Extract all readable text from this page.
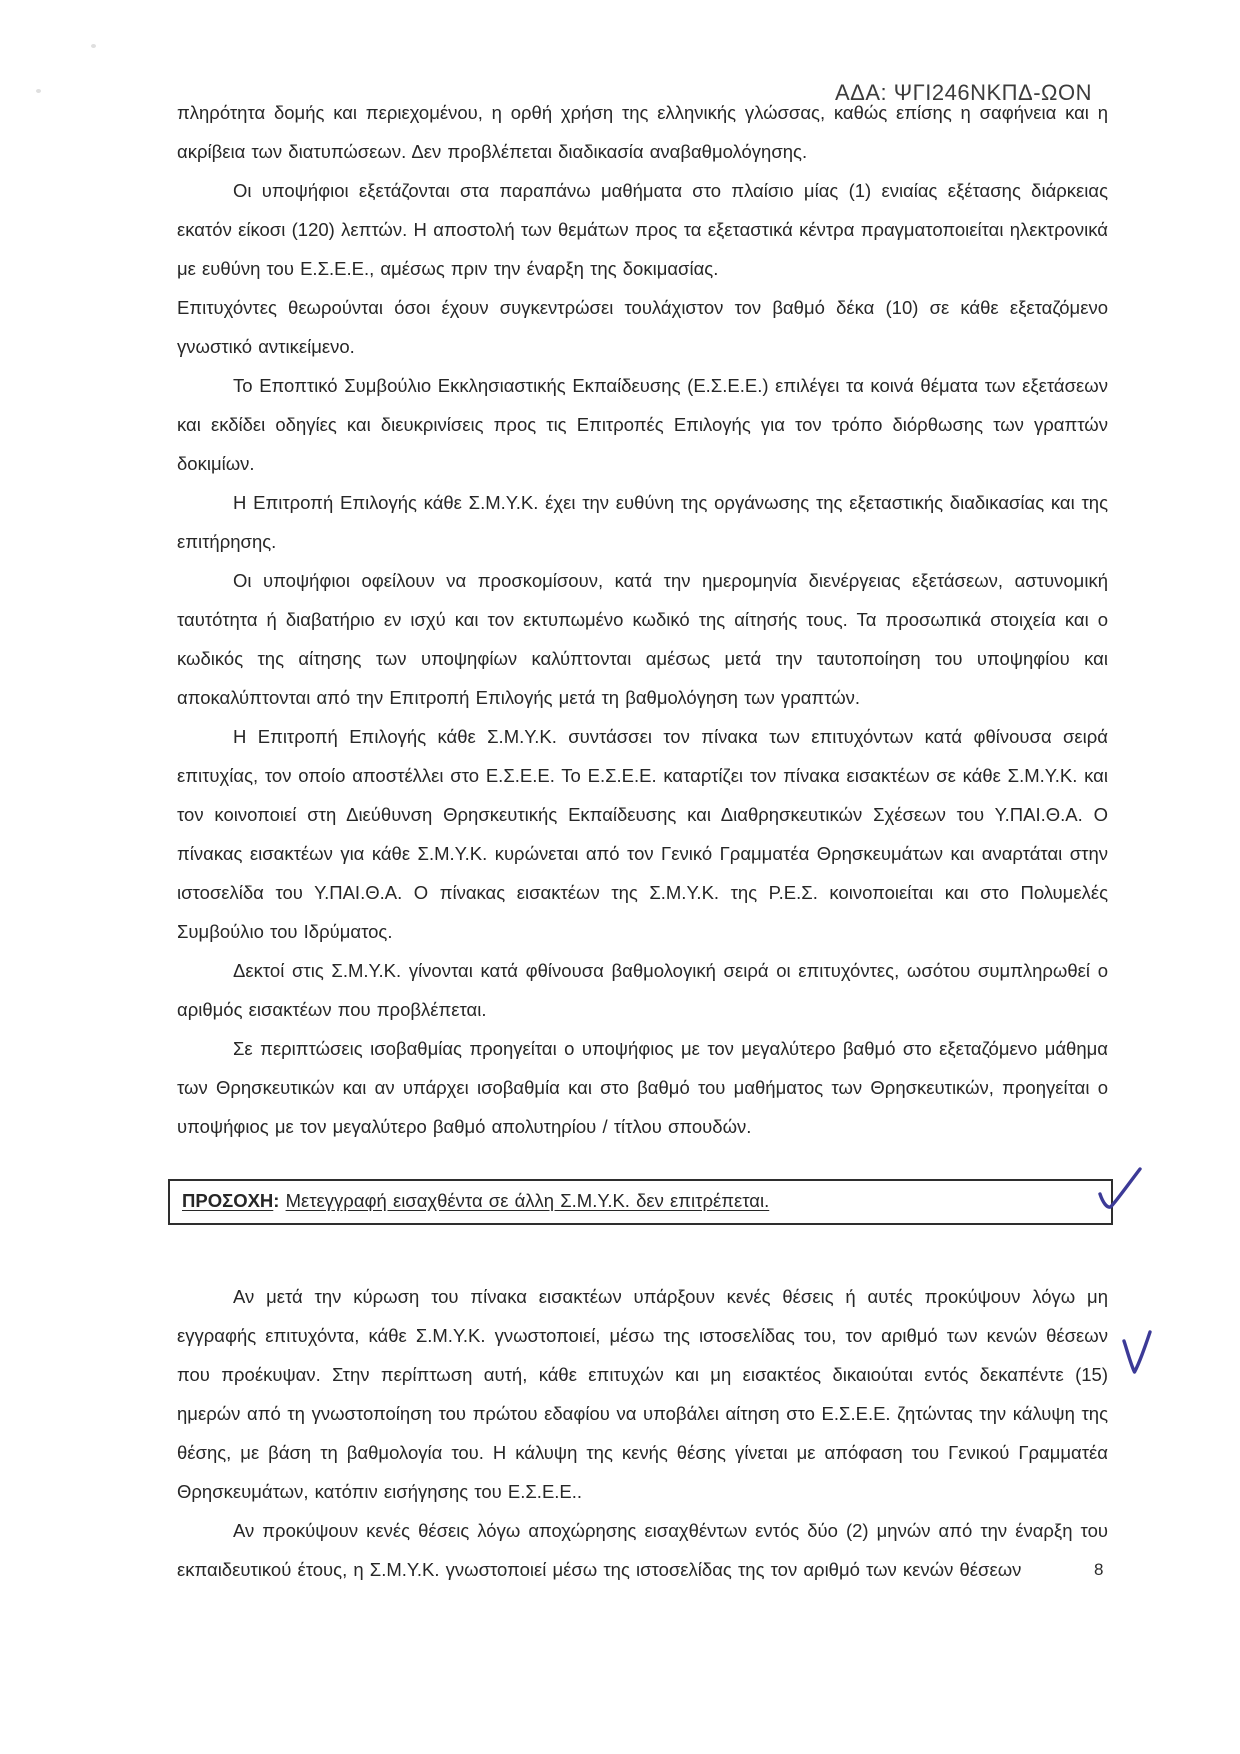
ΑΔΑ: ΨΓΙ246ΝΚΠΔ-ΩΟΝ

πληρότητα δομής και περιεχομένου, η ορθή χρήση της ελληνικής γλώσσας, καθώς επίσης η σαφήνεια και η ακρίβεια των διατυπώσεων. Δεν προβλέπεται διαδικασία αναβαθμολόγησης.

Οι υποψήφιοι εξετάζονται στα παραπάνω μαθήματα στο πλαίσιο μίας (1) ενιαίας εξέτασης διάρκειας εκατόν είκοσι (120) λεπτών. Η αποστολή των θεμάτων προς τα εξεταστικά κέντρα πραγματοποιείται ηλεκτρονικά με ευθύνη του Ε.Σ.Ε.Ε., αμέσως πριν την έναρξη της δοκιμασίας.

Επιτυχόντες θεωρούνται όσοι έχουν συγκεντρώσει τουλάχιστον τον βαθμό δέκα (10) σε κάθε εξεταζόμενο γνωστικό αντικείμενο.

Το Εποπτικό Συμβούλιο Εκκλησιαστικής Εκπαίδευσης (Ε.Σ.Ε.Ε.) επιλέγει τα κοινά θέματα των εξετάσεων και εκδίδει οδηγίες και διευκρινίσεις προς τις Επιτροπές Επιλογής για τον τρόπο διόρθωσης των γραπτών δοκιμίων.

Η Επιτροπή Επιλογής κάθε Σ.Μ.Υ.Κ. έχει την ευθύνη της οργάνωσης της εξεταστικής διαδικασίας και της επιτήρησης.

Οι υποψήφιοι οφείλουν να προσκομίσουν, κατά την ημερομηνία διενέργειας εξετάσεων, αστυνομική ταυτότητα ή διαβατήριο εν ισχύ και τον εκτυπωμένο κωδικό της αίτησής τους. Τα προσωπικά στοιχεία και ο κωδικός της αίτησης των υποψηφίων καλύπτονται αμέσως μετά την ταυτοποίηση του υποψηφίου και αποκαλύπτονται από την Επιτροπή Επιλογής μετά τη βαθμολόγηση των γραπτών.

Η Επιτροπή Επιλογής κάθε Σ.Μ.Υ.Κ. συντάσσει τον πίνακα των επιτυχόντων κατά φθίνουσα σειρά επιτυχίας, τον οποίο αποστέλλει στο Ε.Σ.Ε.Ε. Το Ε.Σ.Ε.Ε. καταρτίζει τον πίνακα εισακτέων σε κάθε Σ.Μ.Υ.Κ. και τον κοινοποιεί στη Διεύθυνση Θρησκευτικής Εκπαίδευσης και Διαθρησκευτικών Σχέσεων του Υ.ΠΑΙ.Θ.Α. Ο πίνακας εισακτέων για κάθε Σ.Μ.Υ.Κ. κυρώνεται από τον Γενικό Γραμματέα Θρησκευμάτων και αναρτάται στην ιστοσελίδα του Υ.ΠΑΙ.Θ.Α. Ο πίνακας εισακτέων της Σ.Μ.Υ.Κ. της Ρ.Ε.Σ. κοινοποιείται και στο Πολυμελές Συμβούλιο του Ιδρύματος.

Δεκτοί στις Σ.Μ.Υ.Κ. γίνονται κατά φθίνουσα βαθμολογική σειρά οι επιτυχόντες, ωσότου συμπληρωθεί ο αριθμός εισακτέων που προβλέπεται.

Σε περιπτώσεις ισοβαθμίας προηγείται ο υποψήφιος με τον μεγαλύτερο βαθμό στο εξεταζόμενο μάθημα των Θρησκευτικών και αν υπάρχει ισοβαθμία και στο βαθμό του μαθήματος των Θρησκευτικών, προηγείται ο υποψήφιος με τον μεγαλύτερο βαθμό απολυτηρίου / τίτλου σπουδών.

ΠΡΟΣΟΧΗ: Μετεγγραφή εισαχθέντα σε άλλη Σ.Μ.Υ.Κ. δεν επιτρέπεται.

Αν μετά την κύρωση του πίνακα εισακτέων υπάρξουν κενές θέσεις ή αυτές προκύψουν λόγω μη εγγραφής επιτυχόντα, κάθε Σ.Μ.Υ.Κ. γνωστοποιεί, μέσω της ιστοσελίδας του, τον αριθμό των κενών θέσεων που προέκυψαν. Στην περίπτωση αυτή, κάθε επιτυχών και μη εισακτέος δικαιούται εντός δεκαπέντε (15) ημερών από τη γνωστοποίηση του πρώτου εδαφίου να υποβάλει αίτηση στο Ε.Σ.Ε.Ε. ζητώντας την κάλυψη της θέσης, με βάση τη βαθμολογία του. Η κάλυψη της κενής θέσης γίνεται με απόφαση του Γενικού Γραμματέα Θρησκευμάτων, κατόπιν εισήγησης του Ε.Σ.Ε.Ε..

Αν προκύψουν κενές θέσεις λόγω αποχώρησης εισαχθέντων εντός δύο (2) μηνών από την έναρξη του εκπαιδευτικού έτους, η Σ.Μ.Υ.Κ. γνωστοποιεί μέσω της ιστοσελίδας της τον αριθμό των κενών θέσεων	8
